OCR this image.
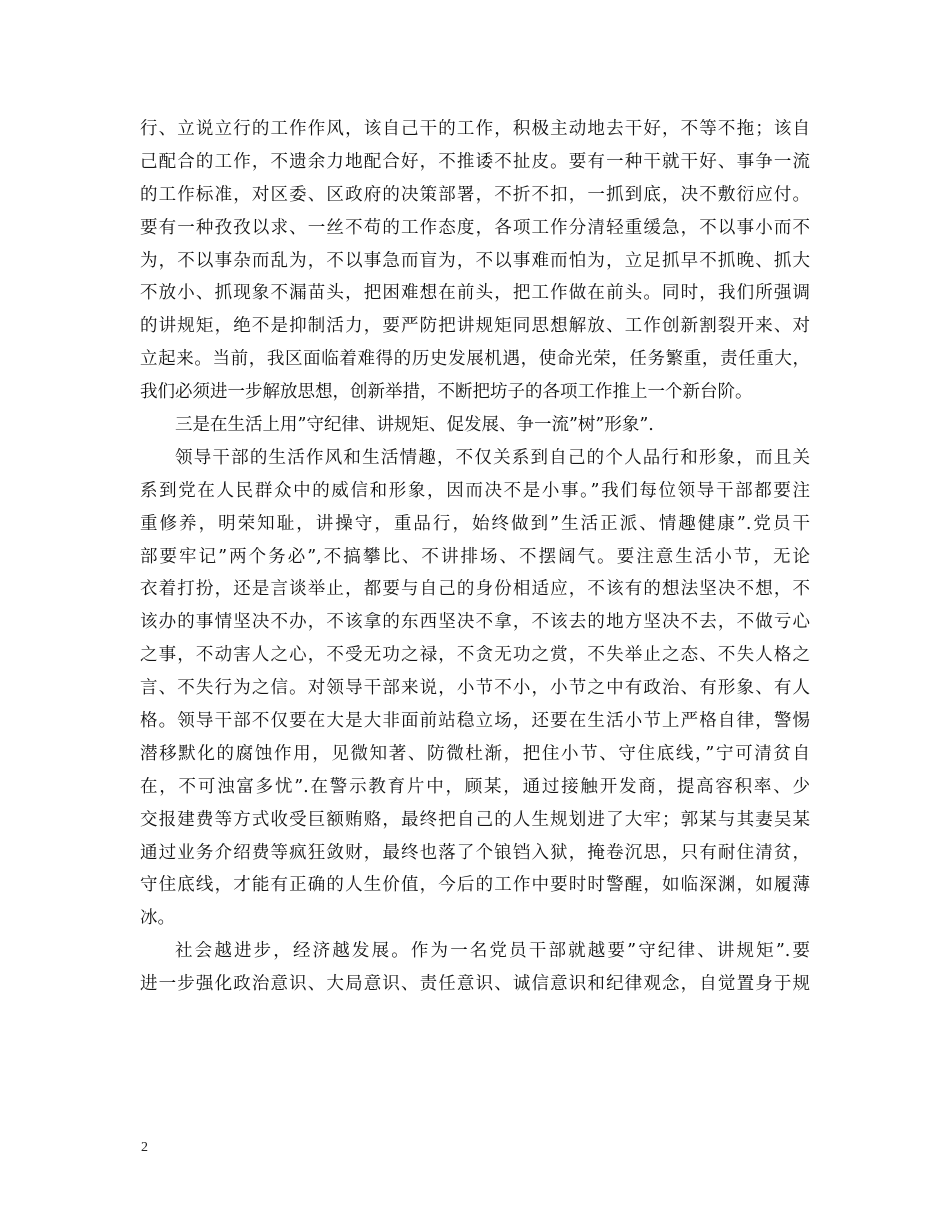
行、立说立行的工作作风，该自己干的工作，积极主动地去干好，不等不拖；该自
己配合的工作，不遗余力地配合好，不推诿不扯皮。要有一种干就干好、事争一流
的工作标准，对区委、区政府的决策部署，不折不扣，一抓到底，决不敷衍应付。
要有一种孜孜以求、一丝不苟的工作态度，各项工作分清轻重缓急，不以事小而不
为，不以事杂而乱为，不以事急而盲为，不以事难而怕为，立足抓早不抓晚、抓大
不放小、抓现象不漏苗头，把困难想在前头，把工作做在前头。同时，我们所强调
的讲规矩，绝不是抑制活力，要严防把讲规矩同思想解放、工作创新割裂开来、对
立起来。当前，我区面临着难得的历史发展机遇，使命光荣，任务繁重，责任重大，
我们必须进一步解放思想，创新举措，不断把坊子的各项工作推上一个新台阶。
三是在生活上用”守纪律、讲规矩、促发展、争一流”树”形象”.
领导干部的生活作风和生活情趣，不仅关系到自己的个人品行和形象，而且关
系到党在人民群众中的威信和形象，因而决不是小事。”我们每位领导干部都要注
重修养，明荣知耻，讲操守，重品行，始终做到”生活正派、情趣健康”.党员干
部要牢记”两个务必”,不搞攀比、不讲排场、不摆阔气。要注意生活小节，无论
衣着打扮，还是言谈举止，都要与自己的身份相适应，不该有的想法坚决不想，不
该办的事情坚决不办，不该拿的东西坚决不拿，不该去的地方坚决不去，不做亏心
之事，不动害人之心，不受无功之禄，不贪无功之赏，不失举止之态、不失人格之
言、不失行为之信。对领导干部来说，小节不小，小节之中有政治、有形象、有人
格。领导干部不仅要在大是大非面前站稳立场，还要在生活小节上严格自律，警惕
潜移默化的腐蚀作用，见微知著、防微杜渐，把住小节、守住底线，”宁可清贫自
在，不可浊富多忧”.在警示教育片中，顾某，通过接触开发商，提高容积率、少
交报建费等方式收受巨额贿赂，最终把自己的人生规划进了大牢；郭某与其妻吴某
通过业务介绍费等疯狂敛财，最终也落了个锒铛入狱，掩卷沉思，只有耐住清贫，
守住底线，才能有正确的人生价值，今后的工作中要时时警醒，如临深渊，如履薄
冰。
社会越进步，经济越发展。作为一名党员干部就越要”守纪律、讲规矩”.要
进一步强化政治意识、大局意识、责任意识、诚信意识和纪律观念，自觉置身于规
2
